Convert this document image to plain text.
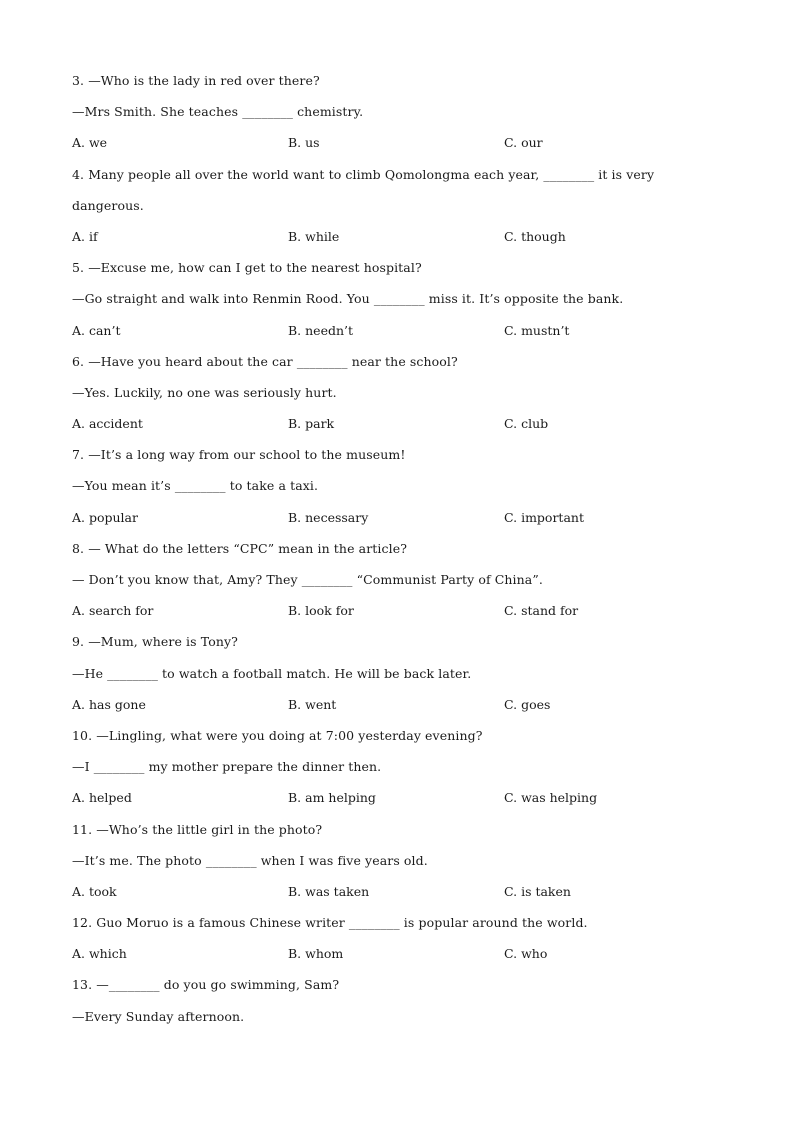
3. —Who is the lady in red over there?
—Mrs Smith. She teaches ________ chemistry.
A. we	B. us	C. our
4. Many people all over the world want to climb Qomolongma each year, ________ it is very
dangerous.
A. if	B. while	C. though
5. —Excuse me, how can I get to the nearest hospital?
—Go straight and walk into Renmin Rood. You ________ miss it. It’s opposite the bank.
A. can’t	B. needn’t	C. mustn’t
6. —Have you heard about the car ________ near the school?
—Yes. Luckily, no one was seriously hurt.
A. accident	B. park	C. club
7. —It’s a long way from our school to the museum!
—You mean it’s ________ to take a taxi.
A. popular	B. necessary	C. important
8. — What do the letters “CPC” mean in the article?
— Don’t you know that, Amy? They ________ “Communist Party of China”.
A. search for	B. look for	C. stand for
9. —Mum, where is Tony?
—He ________ to watch a football match. He will be back later.
A. has gone	B. went	C. goes
10. —Lingling, what were you doing at 7:00 yesterday evening?
—I ________ my mother prepare the dinner then.
A. helped	B. am helping	C. was helping
11. —Who’s the little girl in the photo?
—It’s me. The photo ________ when I was five years old.
A. took	B. was taken	C. is taken
12. Guo Moruo is a famous Chinese writer ________ is popular around the world.
A. which	B. whom	C. who
13. —________ do you go swimming, Sam?
—Every Sunday afternoon.
